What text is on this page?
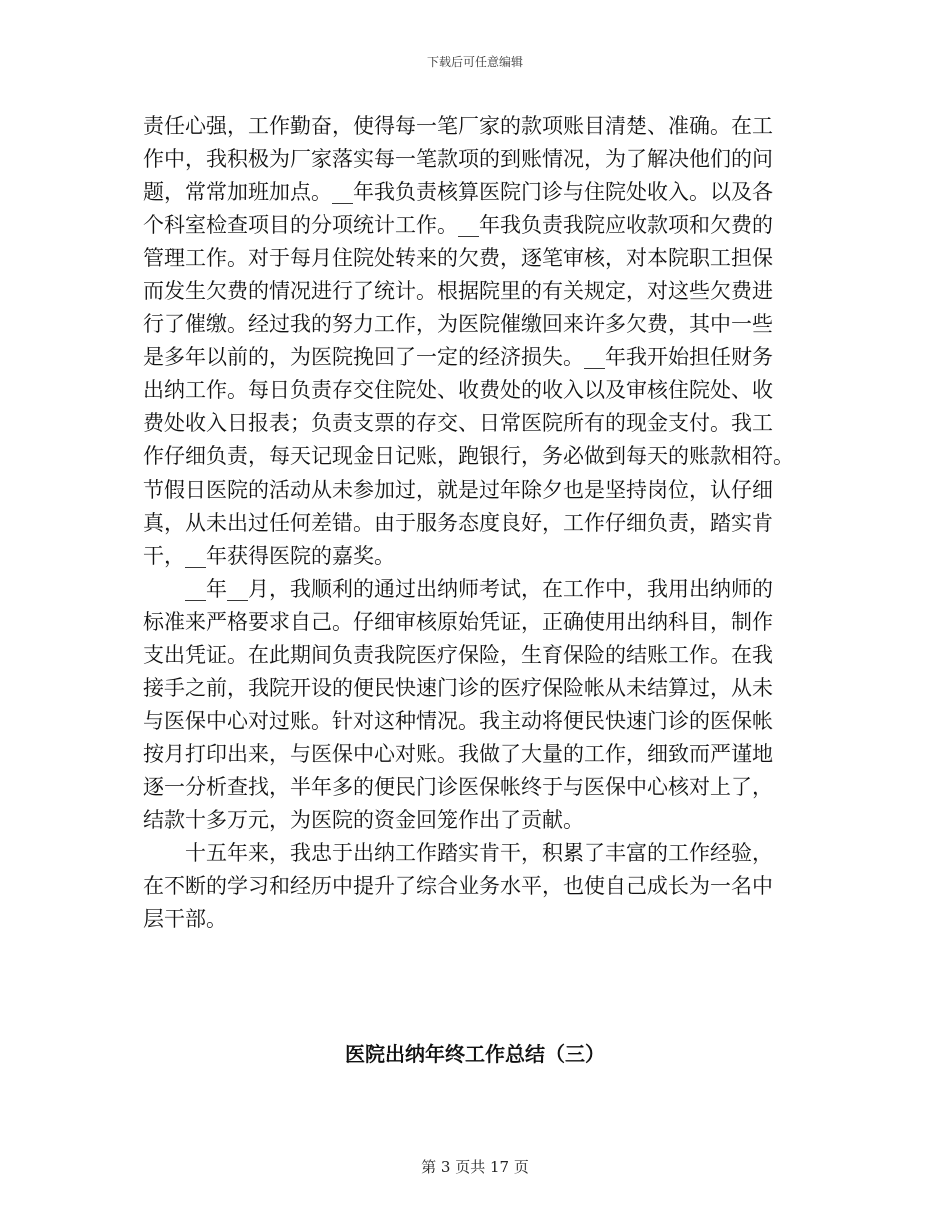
下载后可任意编辑
责任心强，工作勤奋，使得每一笔厂家的款项账目清楚、准确。在工
作中，我积极为厂家落实每一笔款项的到账情况，为了解决他们的问
题，常常加班加点。__年我负责核算医院门诊与住院处收入。以及各
个科室检查项目的分项统计工作。__年我负责我院应收款项和欠费的
管理工作。对于每月住院处转来的欠费，逐笔审核，对本院职工担保
而发生欠费的情况进行了统计。根据院里的有关规定，对这些欠费进
行了催缴。经过我的努力工作，为医院催缴回来许多欠费，其中一些
是多年以前的，为医院挽回了一定的经济损失。__年我开始担任财务
出纳工作。每日负责存交住院处、收费处的收入以及审核住院处、收
费处收入日报表；负责支票的存交、日常医院所有的现金支付。我工
作仔细负责，每天记现金日记账，跑银行，务必做到每天的账款相符。
节假日医院的活动从未参加过，就是过年除夕也是坚持岗位，认仔细
真，从未出过任何差错。由于服务态度良好，工作仔细负责，踏实肯
干，__年获得医院的嘉奖。
__年__月，我顺利的通过出纳师考试，在工作中，我用出纳师的
标准来严格要求自己。仔细审核原始凭证，正确使用出纳科目，制作
支出凭证。在此期间负责我院医疗保险，生育保险的结账工作。在我
接手之前，我院开设的便民快速门诊的医疗保险帐从未结算过，从未
与医保中心对过账。针对这种情况。我主动将便民快速门诊的医保帐
按月打印出来，与医保中心对账。我做了大量的工作，细致而严谨地
逐一分析查找，半年多的便民门诊医保帐终于与医保中心核对上了，
结款十多万元，为医院的资金回笼作出了贡献。
十五年来，我忠于出纳工作踏实肯干，积累了丰富的工作经验，
在不断的学习和经历中提升了综合业务水平，也使自己成长为一名中
层干部。
医院出纳年终工作总结（三）
第 3 页共 17 页
